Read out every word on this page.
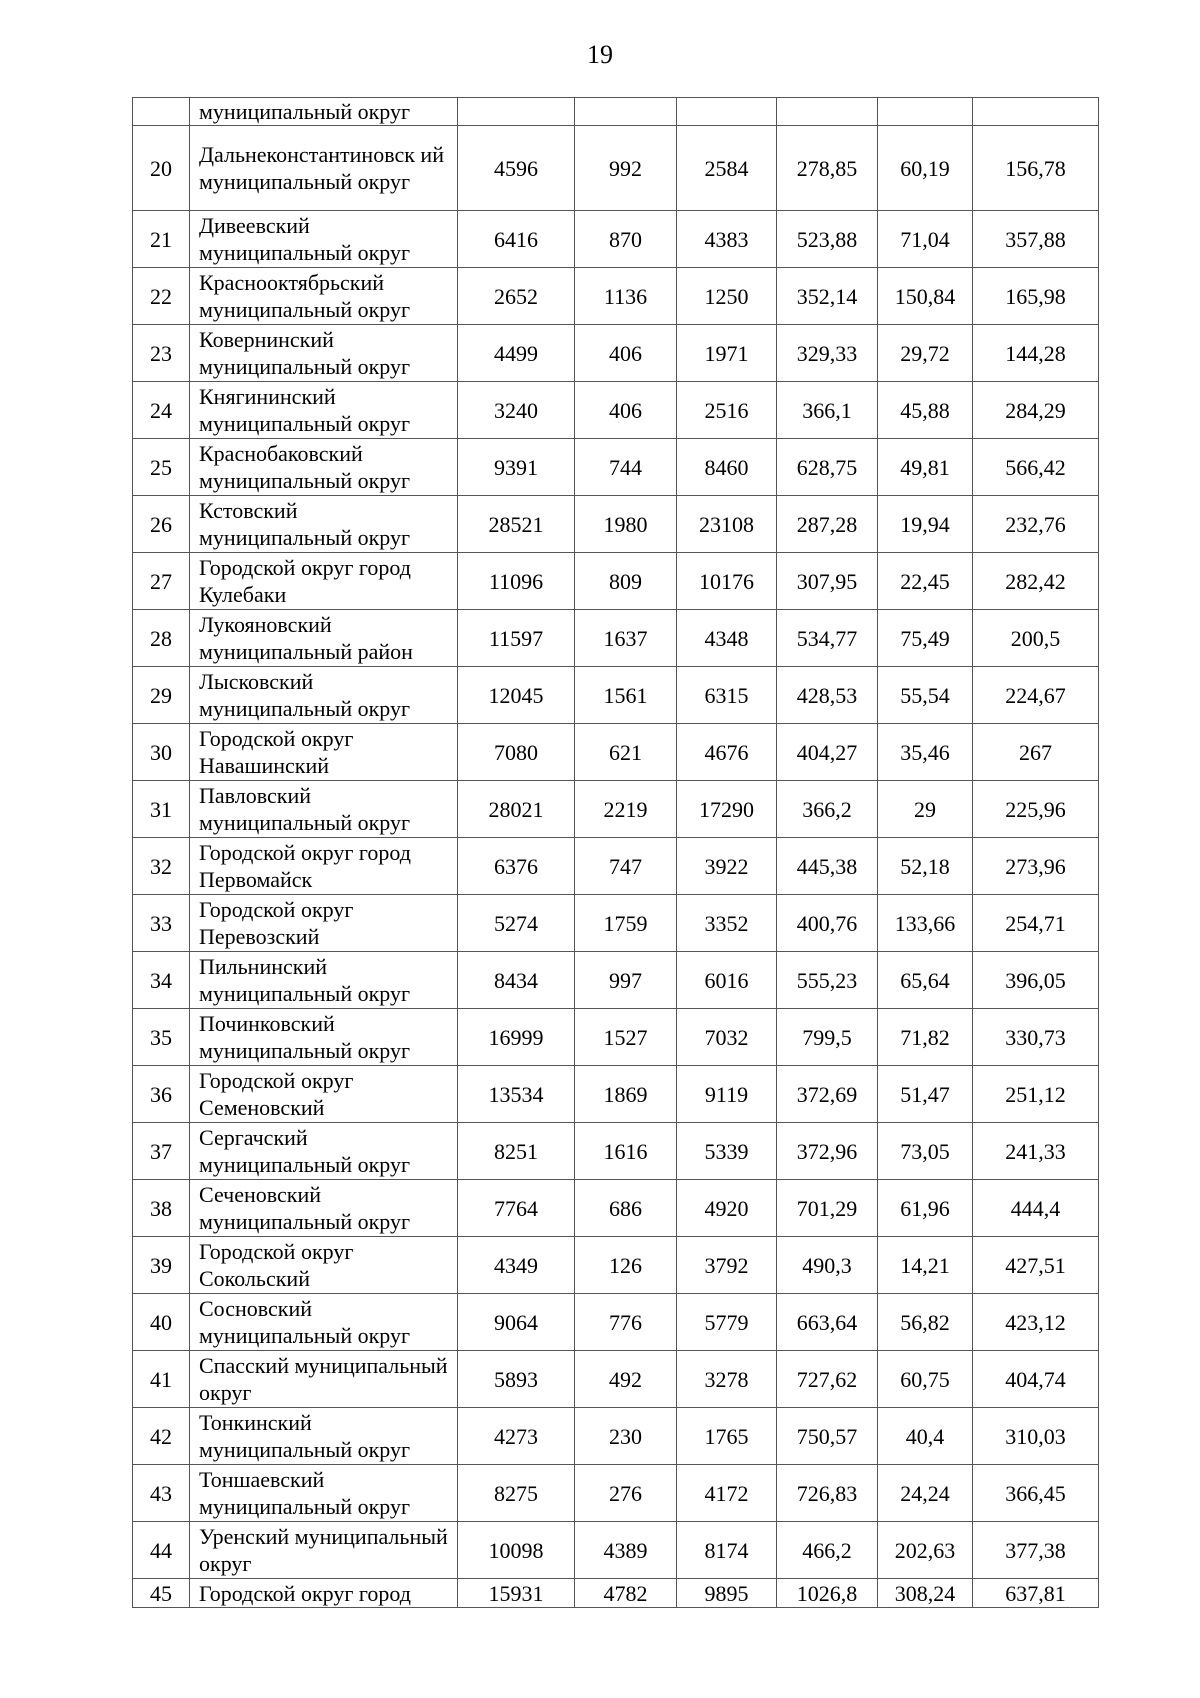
19
	муниципальный округ						
20	Дальнеконстантиновск ий муниципальный округ	4596	992	2584	278,85	60,19	156,78
21	Дивеевский муниципальный округ	6416	870	4383	523,88	71,04	357,88
22	Краснооктябрьский муниципальный округ	2652	1136	1250	352,14	150,84	165,98
23	Ковернинский муниципальный округ	4499	406	1971	329,33	29,72	144,28
24	Княгининский муниципальный округ	3240	406	2516	366,1	45,88	284,29
25	Краснобаковский муниципальный округ	9391	744	8460	628,75	49,81	566,42
26	Кстовский муниципальный округ	28521	1980	23108	287,28	19,94	232,76
27	Городской округ город Кулебаки	11096	809	10176	307,95	22,45	282,42
28	Лукояновский муниципальный район	11597	1637	4348	534,77	75,49	200,5
29	Лысковский муниципальный округ	12045	1561	6315	428,53	55,54	224,67
30	Городской округ Навашинский	7080	621	4676	404,27	35,46	267
31	Павловский муниципальный округ	28021	2219	17290	366,2	29	225,96
32	Городской округ город Первомайск	6376	747	3922	445,38	52,18	273,96
33	Городской округ Перевозский	5274	1759	3352	400,76	133,66	254,71
34	Пильнинский муниципальный округ	8434	997	6016	555,23	65,64	396,05
35	Починковский муниципальный округ	16999	1527	7032	799,5	71,82	330,73
36	Городской округ Семеновский	13534	1869	9119	372,69	51,47	251,12
37	Сергачский муниципальный округ	8251	1616	5339	372,96	73,05	241,33
38	Сеченовский муниципальный округ	7764	686	4920	701,29	61,96	444,4
39	Городской округ Сокольский	4349	126	3792	490,3	14,21	427,51
40	Сосновский муниципальный округ	9064	776	5779	663,64	56,82	423,12
41	Спасский муниципальный округ	5893	492	3278	727,62	60,75	404,74
42	Тонкинский муниципальный округ	4273	230	1765	750,57	40,4	310,03
43	Тоншаевский муниципальный округ	8275	276	4172	726,83	24,24	366,45
44	Уренский муниципальный округ	10098	4389	8174	466,2	202,63	377,38
45	Городской округ город	15931	4782	9895	1026,8	308,24	637,81
